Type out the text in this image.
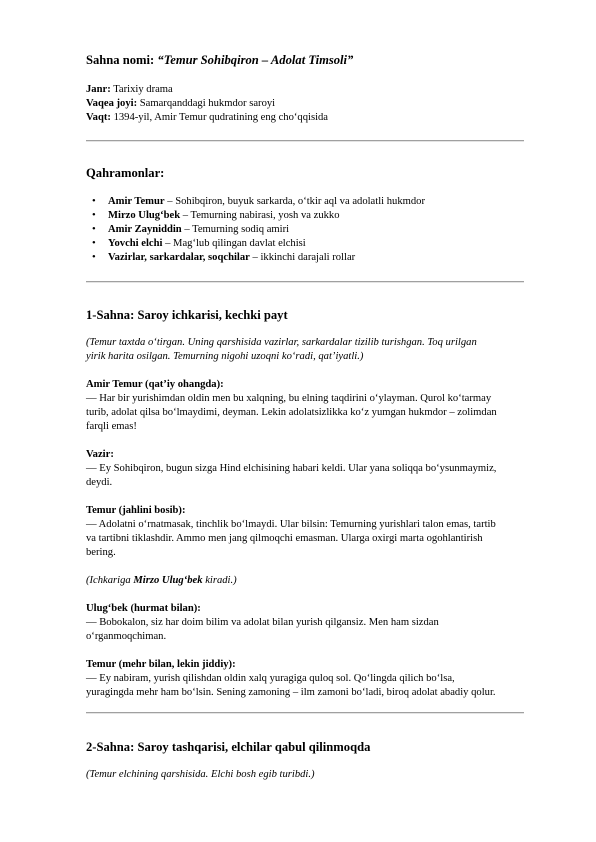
Sahna nomi: “Temur Sohibqiron – Adolat Timsoli”
Janr: Tarixiy drama
Vaqea joyi: Samarqanddagi hukmdor saroyi
Vaqt: 1394-yil, Amir Temur qudratining eng cho‘qqisida
Qahramonlar:
• Amir Temur – Sohibqiron, buyuk sarkarda, o‘tkir aql va adolatli hukmdor
• Mirzo Ulug‘bek – Temurning nabirasi, yosh va zukko
• Amir Zayniddin – Temurning sodiq amiri
• Yovchi elchi – Mag‘lub qilingan davlat elchisi
• Vazirlar, sarkardalar, soqchilar – ikkinchi darajali rollar
1-Sahna: Saroy ichkarisi, kechki payt
(Temur taxtda o‘tirgan. Uning qarshisida vazirlar, sarkardalar tizilib turishgan. Toq urilgan
yirik harita osilgan. Temurning nigohi uzoqni ko‘radi, qat’iyatli.)
Amir Temur (qat’iy ohangda):
— Har bir yurishimdan oldin men bu xalqning, bu elning taqdirini o‘ylayman. Qurol ko‘tarmay
turib, adolat qilsa bo‘lmaydimi, deyman. Lekin adolatsizlikka ko‘z yumgan hukmdor – zolimdan
farqli emas!
Vazir:
— Ey Sohibqiron, bugun sizga Hind elchisining habari keldi. Ular yana soliqqa bo‘ysunmaymiz,
deydi.
Temur (jahlini bosib):
— Adolatni o‘rnatmasak, tinchlik bo‘lmaydi. Ular bilsin: Temurning yurishlari talon emas, tartib
va tartibni tiklashdir. Ammo men jang qilmoqchi emasman. Ularga oxirgi marta ogohlantirish
bering.
(Ichkariga Mirzo Ulug‘bek kiradi.)
Ulug‘bek (hurmat bilan):
— Bobokalon, siz har doim bilim va adolat bilan yurish qilgansiz. Men ham sizdan
o‘rganmoqchiman.
Temur (mehr bilan, lekin jiddiy):
— Ey nabiram, yurish qilishdan oldin xalq yuragiga quloq sol. Qo‘lingda qilich bo‘lsa,
yuragingda mehr ham bo‘lsin. Sening zamoning – ilm zamoni bo‘ladi, biroq adolat abadiy qolur.
2-Sahna: Saroy tashqarisi, elchilar qabul qilinmoqda
(Temur elchining qarshisida. Elchi bosh egib turibdi.)
